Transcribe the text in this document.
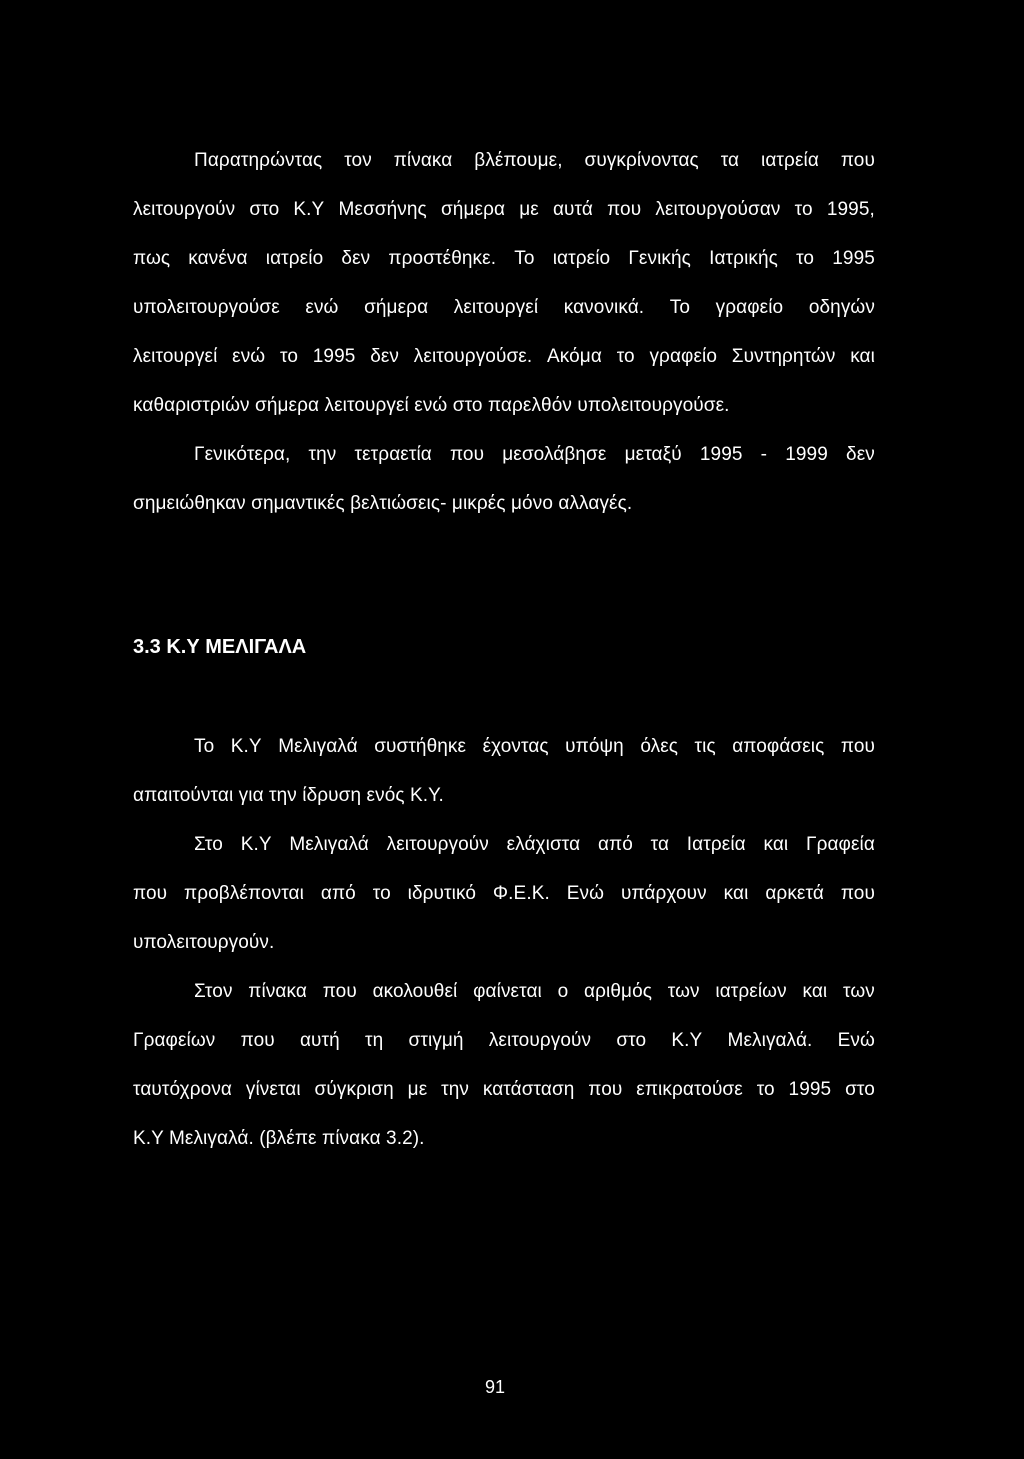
Παρατηρώντας τον πίνακα βλέπουμε, συγκρίνοντας τα ιατρεία που
λειτουργούν στο Κ.Υ Μεσσήνης σήμερα με αυτά που λειτουργούσαν το 1995,
πως κανένα ιατρείο δεν προστέθηκε. Το ιατρείο Γενικής Ιατρικής το 1995
υπολειτουργούσε ενώ σήμερα λειτουργεί κανονικά. Το γραφείο οδηγών
λειτουργεί ενώ το 1995 δεν λειτουργούσε. Ακόμα το γραφείο Συντηρητών και
καθαριστριών σήμερα λειτουργεί ενώ στο παρελθόν υπολειτουργούσε.
Γενικότερα, την τετραετία που μεσολάβησε μεταξύ 1995 - 1999 δεν
σημειώθηκαν σημαντικές βελτιώσεις- μικρές μόνο αλλαγές.
3.3 Κ.Υ ΜΕΛΙΓΑΛΑ
Το Κ.Υ Μελιγαλά συστήθηκε έχοντας υπόψη όλες τις αποφάσεις που
απαιτούνται για την ίδρυση ενός Κ.Υ.
Στο Κ.Υ Μελιγαλά λειτουργούν ελάχιστα από τα Ιατρεία και Γραφεία
που προβλέπονται από το ιδρυτικό Φ.Ε.Κ. Ενώ υπάρχουν και αρκετά που
υπολειτουργούν.
Στον πίνακα που ακολουθεί φαίνεται ο αριθμός των ιατρείων και των
Γραφείων που αυτή τη στιγμή λειτουργούν στο Κ.Υ Μελιγαλά. Ενώ
ταυτόχρονα γίνεται σύγκριση με την κατάσταση που επικρατούσε το 1995 στο
Κ.Υ Μελιγαλά. (βλέπε πίνακα 3.2).
91
